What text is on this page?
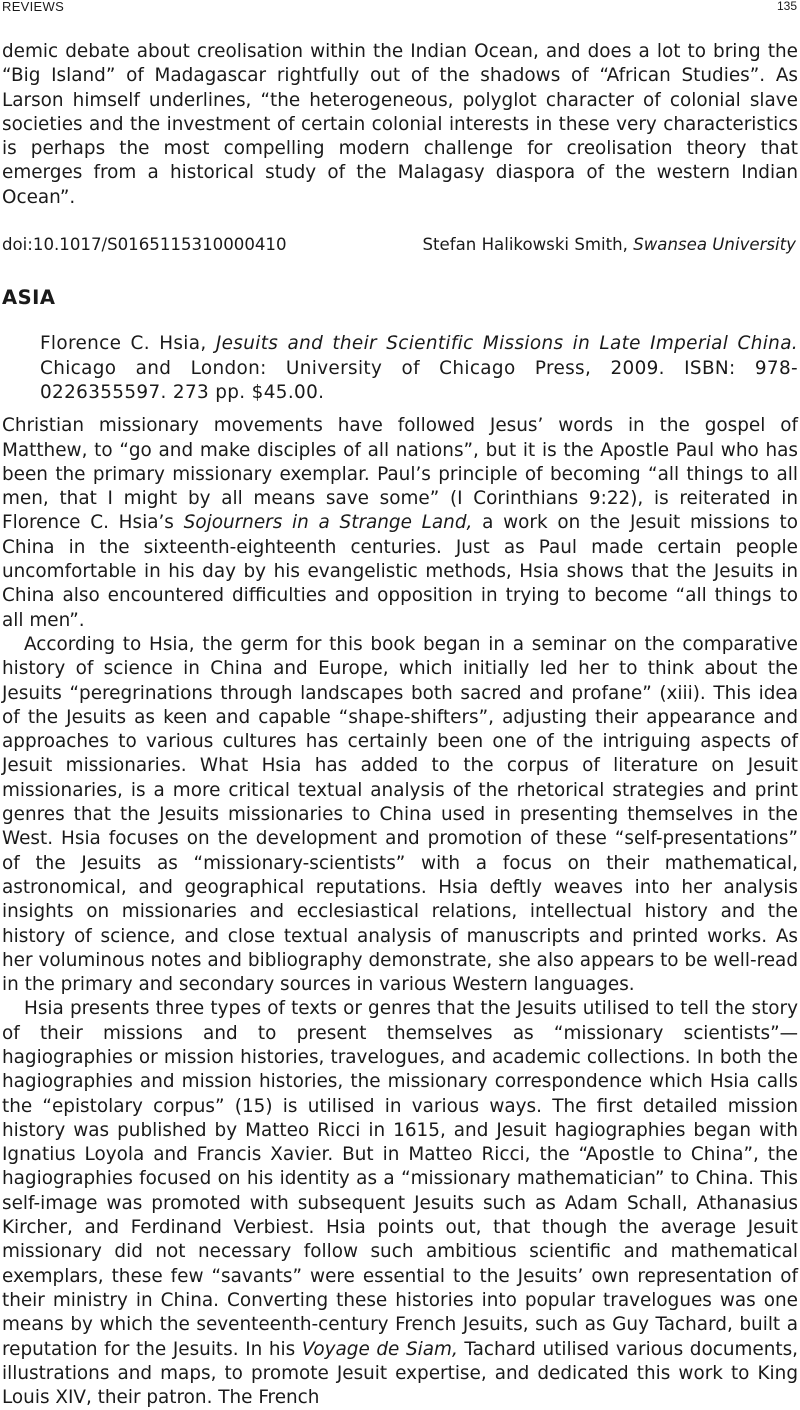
REVIEWS	135

demic debate about creolisation within the Indian Ocean, and does a lot to bring the “Big Island” of Madagascar rightfully out of the shadows of “African Studies”. As Larson himself underlines, “the heterogeneous, polyglot character of colonial slave societies and the investment of certain colonial interests in these very characteristics is perhaps the most compelling modern challenge for creolisation theory that emerges from a historical study of the Malagasy diaspora of the western Indian Ocean”.

doi:10.1017/S0165115310000410	Stefan Halikowski Smith, Swansea University
ASIA

Florence C. Hsia, Jesuits and their Scientific Missions in Late Imperial China. Chicago and London: University of Chicago Press, 2009. ISBN: 978-0226355597. 273 pp. $45.00.

Christian missionary movements have followed Jesus’ words in the gospel of Matthew, to “go and make disciples of all nations”, but it is the Apostle Paul who has been the primary missionary exemplar. Paul’s principle of becoming “all things to all men, that I might by all means save some” (I Corinthians 9:22), is reiterated in Florence C. Hsia’s Sojourners in a Strange Land, a work on the Jesuit missions to China in the sixteenth-eighteenth centuries. Just as Paul made certain people uncomfortable in his day by his evangelistic methods, Hsia shows that the Jesuits in China also encountered difficulties and opposition in trying to become “all things to all men”.

According to Hsia, the germ for this book began in a seminar on the comparative history of science in China and Europe, which initially led her to think about the Jesuits “peregrinations through landscapes both sacred and profane” (xiii). This idea of the Jesuits as keen and capable “shape-shifters”, adjusting their appearance and approaches to various cultures has certainly been one of the intriguing aspects of Jesuit missionaries. What Hsia has added to the corpus of literature on Jesuit missionaries, is a more critical textual analysis of the rhetorical strategies and print genres that the Jesuits missionaries to China used in presenting themselves in the West. Hsia focuses on the development and promotion of these “self-presentations” of the Jesuits as “missionary-scientists” with a focus on their mathematical, astronomical, and geographical reputations. Hsia deftly weaves into her analysis insights on missionaries and ecclesiastical relations, intellectual history and the history of science, and close textual analysis of manuscripts and printed works. As her voluminous notes and bibliography demonstrate, she also appears to be well-read in the primary and secondary sources in various Western languages.

Hsia presents three types of texts or genres that the Jesuits utilised to tell the story of their missions and to present themselves as “missionary scientists”—hagiographies or mission histories, travelogues, and academic collections. In both the hagiographies and mission histories, the missionary correspondence which Hsia calls the “epistolary corpus” (15) is utilised in various ways. The first detailed mission history was published by Matteo Ricci in 1615, and Jesuit hagiographies began with Ignatius Loyola and Francis Xavier. But in Matteo Ricci, the “Apostle to China”, the hagiographies focused on his identity as a “missionary mathematician” to China. This self-image was promoted with subsequent Jesuits such as Adam Schall, Athanasius Kircher, and Ferdinand Verbiest. Hsia points out, that though the average Jesuit missionary did not necessary follow such ambitious scientific and mathematical exemplars, these few “savants” were essential to the Jesuits’ own representation of their ministry in China. Converting these histories into popular travelogues was one means by which the seventeenth-century French Jesuits, such as Guy Tachard, built a reputation for the Jesuits. In his Voyage de Siam, Tachard utilised various documents, illustrations and maps, to promote Jesuit expertise, and dedicated this work to King Louis XIV, their patron. The French
